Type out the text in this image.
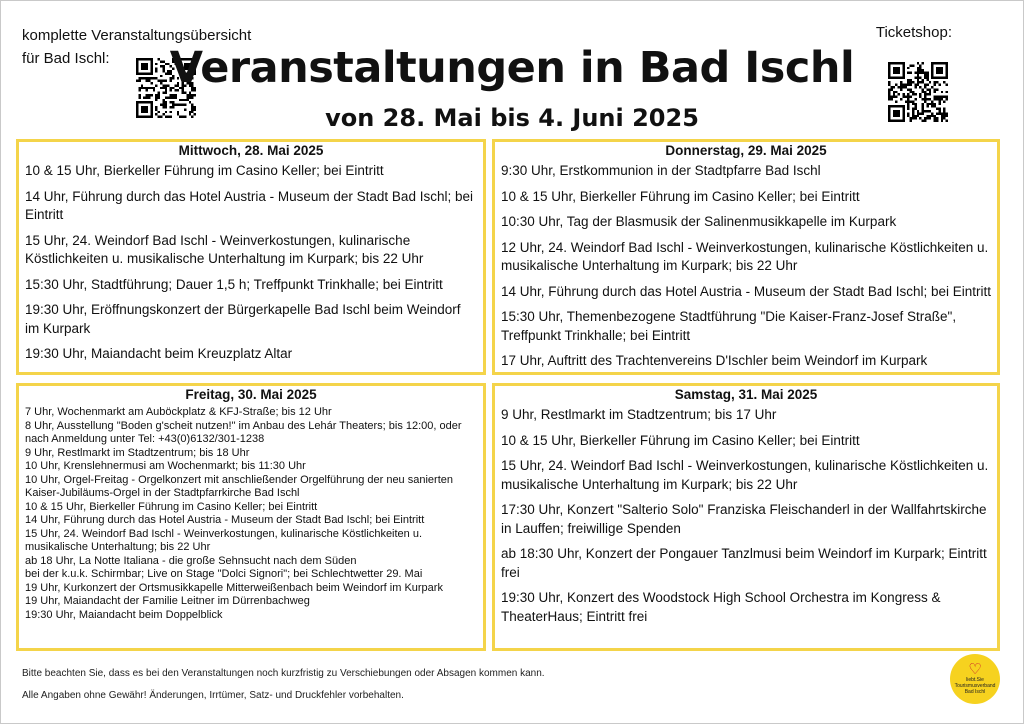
komplette Veranstaltungsübersicht
für Bad Ischl:
Ticketshop:
Veranstaltungen in Bad Ischl
von 28. Mai bis 4. Juni 2025
Mittwoch, 28. Mai 2025
10 & 15 Uhr, Bierkeller Führung im Casino Keller; bei Eintritt
14 Uhr, Führung durch das Hotel Austria - Museum der Stadt Bad Ischl; bei Eintritt
15 Uhr, 24. Weindorf Bad Ischl - Weinverkostungen, kulinarische Köstlichkeiten u. musikalische Unterhaltung im Kurpark; bis 22 Uhr
15:30 Uhr, Stadtführung; Dauer 1,5 h; Treffpunkt Trinkhalle; bei Eintritt
19:30 Uhr, Eröffnungskonzert der Bürgerkapelle Bad Ischl beim Weindorf im Kurpark
19:30 Uhr, Maiandacht beim Kreuzplatz Altar
Donnerstag, 29. Mai 2025
9:30 Uhr, Erstkommunion in der Stadtpfarre Bad Ischl
10 & 15 Uhr, Bierkeller Führung im Casino Keller; bei Eintritt
10:30 Uhr, Tag der Blasmusik der Salinenmusikkapelle im Kurpark
12 Uhr, 24. Weindorf Bad Ischl - Weinverkostungen, kulinarische Köstlichkeiten u. musikalische Unterhaltung im Kurpark; bis 22 Uhr
14 Uhr, Führung durch das Hotel Austria - Museum der Stadt Bad Ischl; bei Eintritt
15:30 Uhr, Themenbezogene Stadtführung "Die Kaiser-Franz-Josef Straße", Treffpunkt Trinkhalle; bei Eintritt
17 Uhr, Auftritt des Trachtenvereins D'Ischler beim Weindorf im Kurpark
Freitag, 30. Mai 2025
7 Uhr, Wochenmarkt am Auböckplatz & KFJ-Straße; bis 12 Uhr
8 Uhr, Ausstellung "Boden g'scheit nutzen!" im Anbau des Lehár Theaters; bis 12:00, oder nach Anmeldung unter Tel: +43(0)6132/301-1238
9 Uhr, Restlmarkt im Stadtzentrum; bis 18 Uhr
10 Uhr, Krenslehnermusi am Wochenmarkt; bis 11:30 Uhr
10 Uhr, Orgel-Freitag - Orgelkonzert mit anschließender Orgelführung der neu sanierten Kaiser-Jubiläums-Orgel in der Stadtpfarrkirche Bad Ischl
10 & 15 Uhr, Bierkeller Führung im Casino Keller; bei Eintritt
14 Uhr, Führung durch das Hotel Austria - Museum der Stadt Bad Ischl; bei Eintritt
15 Uhr, 24. Weindorf Bad Ischl - Weinverkostungen, kulinarische Köstlichkeiten u. musikalische Unterhaltung; bis 22 Uhr
ab 18 Uhr, La Notte Italiana - die große Sehnsucht nach dem Süden
bei der k.u.k. Schirmbar; Live on Stage "Dolci Signori"; bei Schlechtwetter 29. Mai
19 Uhr, Kurkonzert der Ortsmusikkapelle Mitterweißenbach beim Weindorf im Kurpark
19 Uhr, Maiandacht der Familie Leitner im Dürrenbachweg
19:30 Uhr, Maiandacht beim Doppelblick
Samstag, 31. Mai 2025
9 Uhr, Restlmarkt im Stadtzentrum; bis 17 Uhr
10 & 15 Uhr, Bierkeller Führung im Casino Keller; bei Eintritt
15 Uhr, 24. Weindorf Bad Ischl - Weinverkostungen, kulinarische Köstlichkeiten u. musikalische Unterhaltung im Kurpark; bis 22 Uhr
17:30 Uhr, Konzert "Salterio Solo" Franziska Fleischanderl in der Wallfahrtskirche in Lauffen; freiwillige Spenden
ab 18:30 Uhr, Konzert der Pongauer Tanzlmusi beim Weindorf im Kurpark; Eintritt frei
19:30 Uhr, Konzert des Woodstock High School Orchestra im Kongress & TheaterHaus; Eintritt frei
Bitte beachten Sie, dass es bei den Veranstaltungen noch kurzfristig zu Verschiebungen oder Absagen kommen kann.
Alle Angaben ohne Gewähr! Änderungen, Irrtümer, Satz- und Druckfehler vorbehalten.
♡
liebt.Sie
Tourismusverband
Bad Ischl
